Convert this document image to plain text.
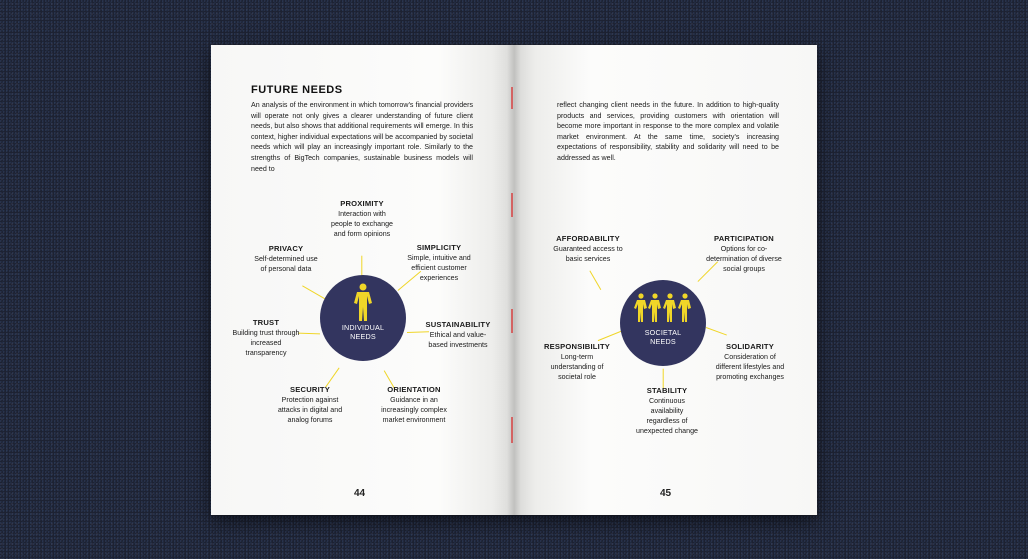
FUTURE NEEDS

An analysis of the environment in which tomorrow’s financial providers will operate not only gives a clearer understanding of future client needs, but also shows that additional requirements will emerge. In this context, higher individual expectations will be accompanied by societal needs which will play an increasingly important role. Similarly to the strengths of BigTech companies, sustainable business models will need to

INDIVIDUAL
NEEDS
PROXIMITY
Interaction with people to exchange and form opinions
SIMPLICITY
Simple, intuitive and efficient customer experiences
SUSTAINABILITY
Ethical and value-based investments
ORIENTATION
Guidance in an increasingly complex market environment
SECURITY
Protection against attacks in digital and analog forums
TRUST
Building trust through increased transparency
PRIVACY
Self-determined use of personal data
44

reflect changing client needs in the future. In addition to high-quality products and services, providing customers with orientation will become more important in response to the more complex and volatile market environment. At the same time, society’s increasing expectations of responsibility, stability and solidarity will need to be addressed as well.

SOCIETAL
NEEDS
AFFORDABILITY
Guaranteed access to basic services
PARTICIPATION
Options for co-determination of diverse social groups
SOLIDARITY
Consideration of different lifestyles and promoting exchanges
STABILITY
Continuous availability regardless of unexpected change
RESPONSIBILITY
Long-term understanding of societal role
45
